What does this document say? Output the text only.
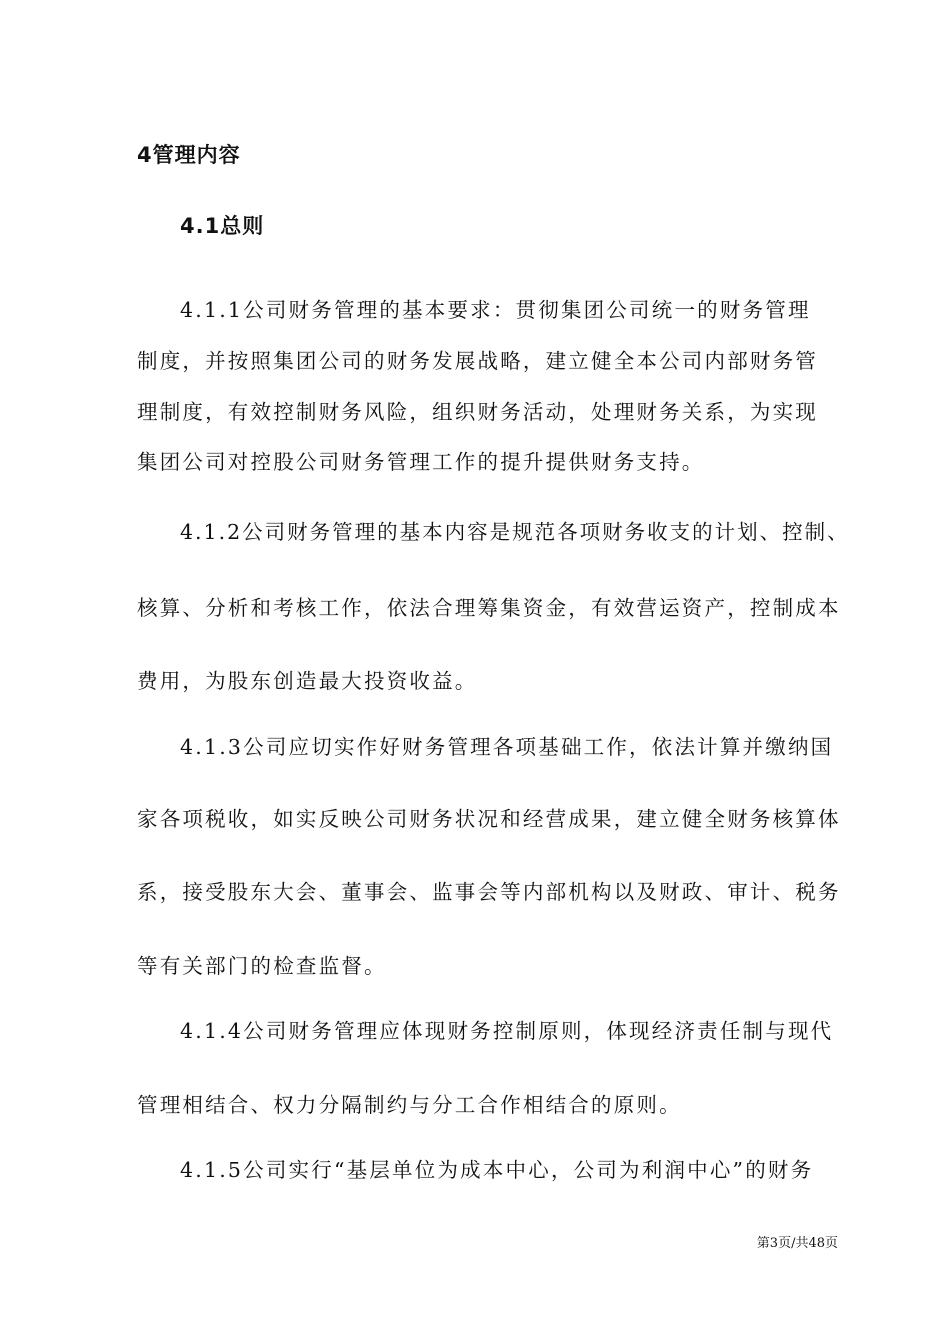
4管理内容
4.1总则
4.1.1公司财务管理的基本要求：贯彻集团公司统一的财务管理
制度，并按照集团公司的财务发展战略，建立健全本公司内部财务管
理制度，有效控制财务风险，组织财务活动，处理财务关系，为实现
集团公司对控股公司财务管理工作的提升提供财务支持。
4.1.2公司财务管理的基本内容是规范各项财务收支的计划、控制、
核算、分析和考核工作，依法合理筹集资金，有效营运资产，控制成本
费用，为股东创造最大投资收益。
4.1.3公司应切实作好财务管理各项基础工作，依法计算并缴纳国
家各项税收，如实反映公司财务状况和经营成果，建立健全财务核算体
系，接受股东大会、董事会、监事会等内部机构以及财政、审计、税务
等有关部门的检查监督。
4.1.4公司财务管理应体现财务控制原则，体现经济责任制与现代
管理相结合、权力分隔制约与分工合作相结合的原则。
4.1.5公司实行“基层单位为成本中心，公司为利润中心”的财务
第3页/共48页
